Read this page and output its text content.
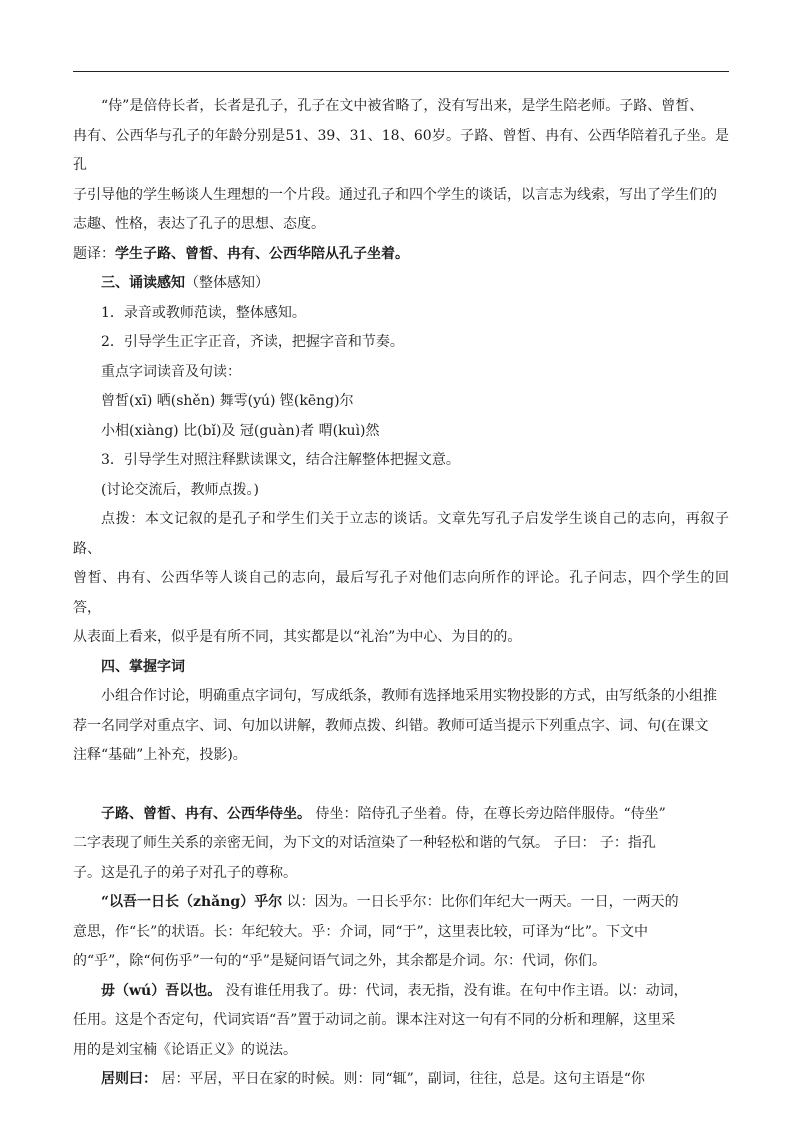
“侍”是倍侍长者，长者是孔子，孔子在文中被省略了，没有写出来，是学生陪老师。子路、曾皙、

冉有、公西华与孔子的年龄分别是51、39、31、18、60岁。子路、曾皙、冉有、公西华陪着孔子坐。是孔

子引导他的学生畅谈人生理想的一个片段。通过孔子和四个学生的谈话，以言志为线索，写出了学生们的

志趣、性格，表达了孔子的思想、态度。

题译：学生子路、曾皙、冉有、公西华陪从孔子坐着。

三、诵读感知（整体感知）

1．录音或教师范读，整体感知。

2．引导学生正字正音，齐读，把握字音和节奏。

重点字词读音及句读：

曾皙(xī) 哂(shěn) 舞雩(yú) 铿(kēng)尔

小相(xiàng) 比(bǐ)及 冠(guàn)者 喟(kuì)然

3．引导学生对照注释默读课文，结合注解整体把握文意。

(讨论交流后，教师点拨。)

点拨：本文记叙的是孔子和学生们关于立志的谈话。文章先写孔子启发学生谈自己的志向，再叙子路、

曾皙、冉有、公西华等人谈自己的志向，最后写孔子对他们志向所作的评论。孔子问志，四个学生的回答，

从表面上看来，似乎是有所不同，其实都是以“礼治”为中心、为目的的。

四、掌握字词

小组合作讨论，明确重点字词句，写成纸条，教师有选择地采用实物投影的方式，由写纸条的小组推

荐一名同学对重点字、词、句加以讲解，教师点拨、纠错。教师可适当提示下列重点字、词、句(在课文

注释“基础”上补充，投影)。

子路、曾皙、冉有、公西华侍坐。 侍坐：陪侍孔子坐着。侍，在尊长旁边陪伴服侍。“侍坐”

二字表现了师生关系的亲密无间，为下文的对话渲染了一种轻松和谐的气氛。 子曰： 子：指孔

子。这是孔子的弟子对孔子的尊称。

“以吾一日长（zhǎng）乎尔 以：因为。一日长乎尔：比你们年纪大一两天。一日，一两天的

意思，作“长”的状语。长：年纪较大。乎：介词，同“于”，这里表比较，可译为“比”。下文中

的“乎”，除“何伤乎”一句的“乎”是疑问语气词之外，其余都是介词。尔：代词，你们。

毋（wú）吾以也。 没有谁任用我了。毋：代词，表无指，没有谁。在句中作主语。以：动词，

任用。这是个否定句，代词宾语“吾”置于动词之前。课本注对这一句有不同的分析和理解，这里采

用的是刘宝楠《论语正义》的说法。

居则曰： 居：平居，平日在家的时候。则：同“辄”，副词，往往，总是。这句主语是“你
